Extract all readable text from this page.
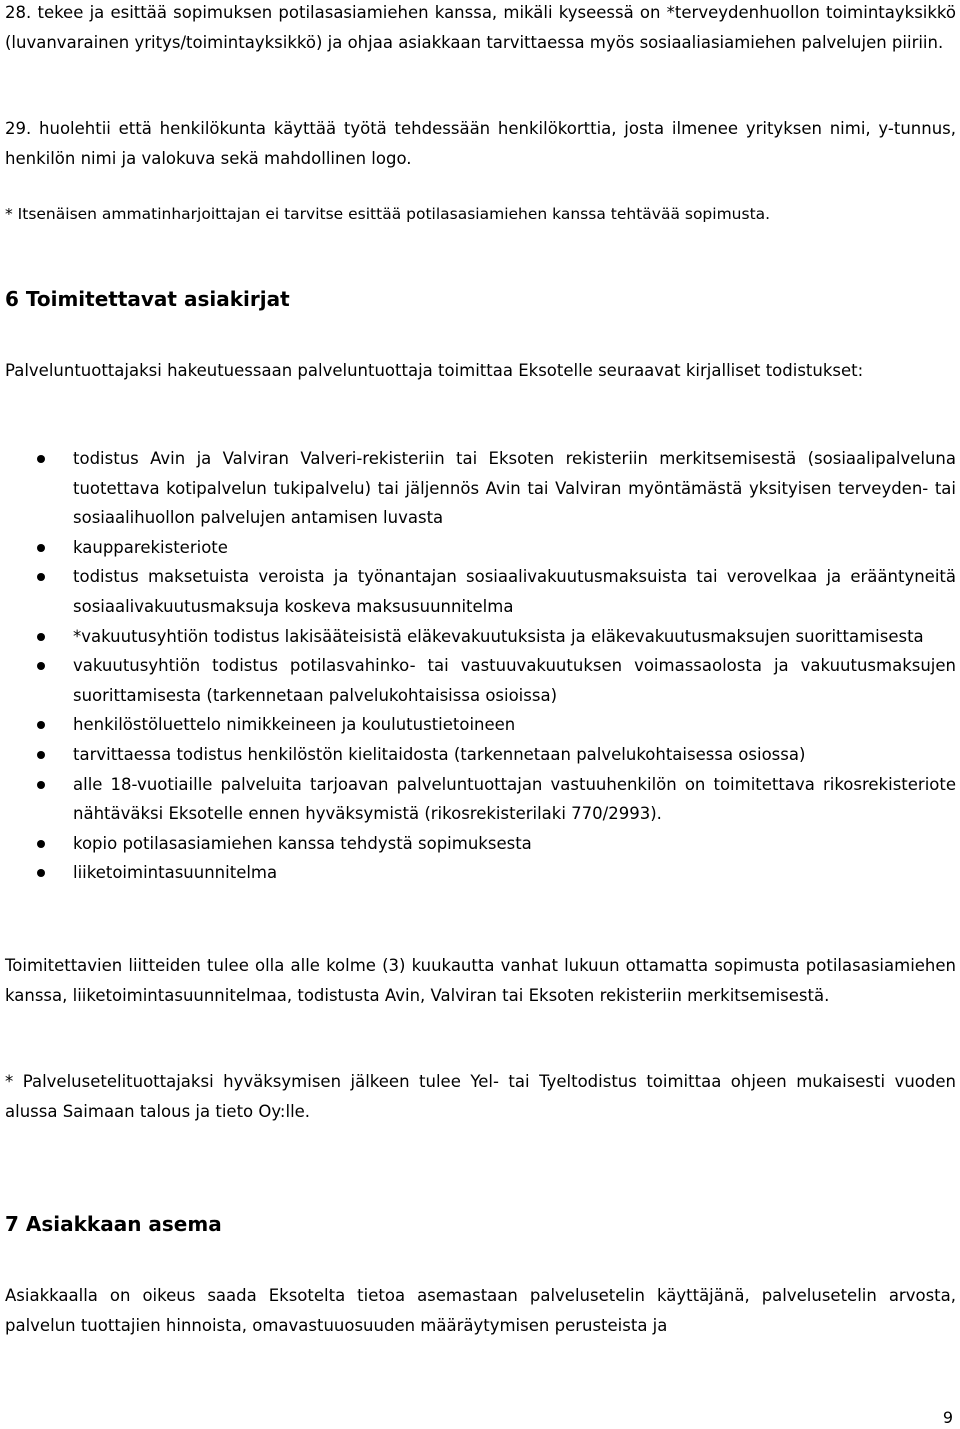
28. tekee ja esittää sopimuksen potilasasiamiehen kanssa, mikäli kyseessä on *terveydenhuollon toimintayksikkö (luvanvarainen yritys/toimintayksikkö) ja ohjaa asiakkaan tarvittaessa myös sosiaaliasiamiehen palvelujen piiriin.

29. huolehtii että henkilökunta käyttää työtä tehdessään henkilökorttia, josta ilmenee yrityksen nimi, y-tunnus, henkilön nimi ja valokuva sekä mahdollinen logo.

* Itsenäisen ammatinharjoittajan ei tarvitse esittää potilasasiamiehen kanssa tehtävää sopimusta.

6 Toimitettavat asiakirjat

Palveluntuottajaksi hakeutuessaan palveluntuottaja toimittaa Eksotelle seuraavat kirjalliset todistukset:

todistus Avin ja Valviran Valveri-rekisteriin tai Eksoten rekisteriin merkitsemisestä (sosiaalipalveluna tuotettava kotipalvelun tukipalvelu) tai jäljennös Avin tai Valviran myöntämästä yksityisen terveyden- tai sosiaalihuollon palvelujen antamisen luvasta
kaupparekisteriote
todistus maksetuista veroista ja työnantajan sosiaalivakuutusmaksuista tai verovelkaa ja erääntyneitä sosiaalivakuutusmaksuja koskeva maksusuunnitelma
*vakuutusyhtiön todistus lakisääteisistä eläkevakuutuksista ja eläkevakuutusmaksujen suorittamisesta
vakuutusyhtiön todistus potilasvahinko- tai vastuuvakuutuksen voimassaolosta ja vakuutusmaksujen suorittamisesta (tarkennetaan palvelukohtaisissa osioissa)
henkilöstöluettelo nimikkeineen ja koulutustietoineen
tarvittaessa todistus henkilöstön kielitaidosta (tarkennetaan palvelukohtaisessa osiossa)
alle 18-vuotiaille palveluita tarjoavan palveluntuottajan vastuuhenkilön on toimitettava rikosrekisteriote nähtäväksi Eksotelle ennen hyväksymistä (rikosrekisterilaki 770/2993).
kopio potilasasiamiehen kanssa tehdystä sopimuksesta
liiketoimintasuunnitelma

Toimitettavien liitteiden tulee olla alle kolme (3) kuukautta vanhat lukuun ottamatta sopimusta potilasasiamiehen kanssa, liiketoimintasuunnitelmaa, todistusta Avin, Valviran tai Eksoten rekisteriin merkitsemisestä.

* Palvelusetelituottajaksi hyväksymisen jälkeen tulee Yel- tai Tyeltodistus toimittaa ohjeen mukaisesti vuoden alussa Saimaan talous ja tieto Oy:lle.

7 Asiakkaan asema

Asiakkaalla on oikeus saada Eksotelta tietoa asemastaan palvelusetelin käyttäjänä, palvelusetelin arvosta, palvelun tuottajien hinnoista, omavastuuosuuden määräytymisen perusteista ja

9
